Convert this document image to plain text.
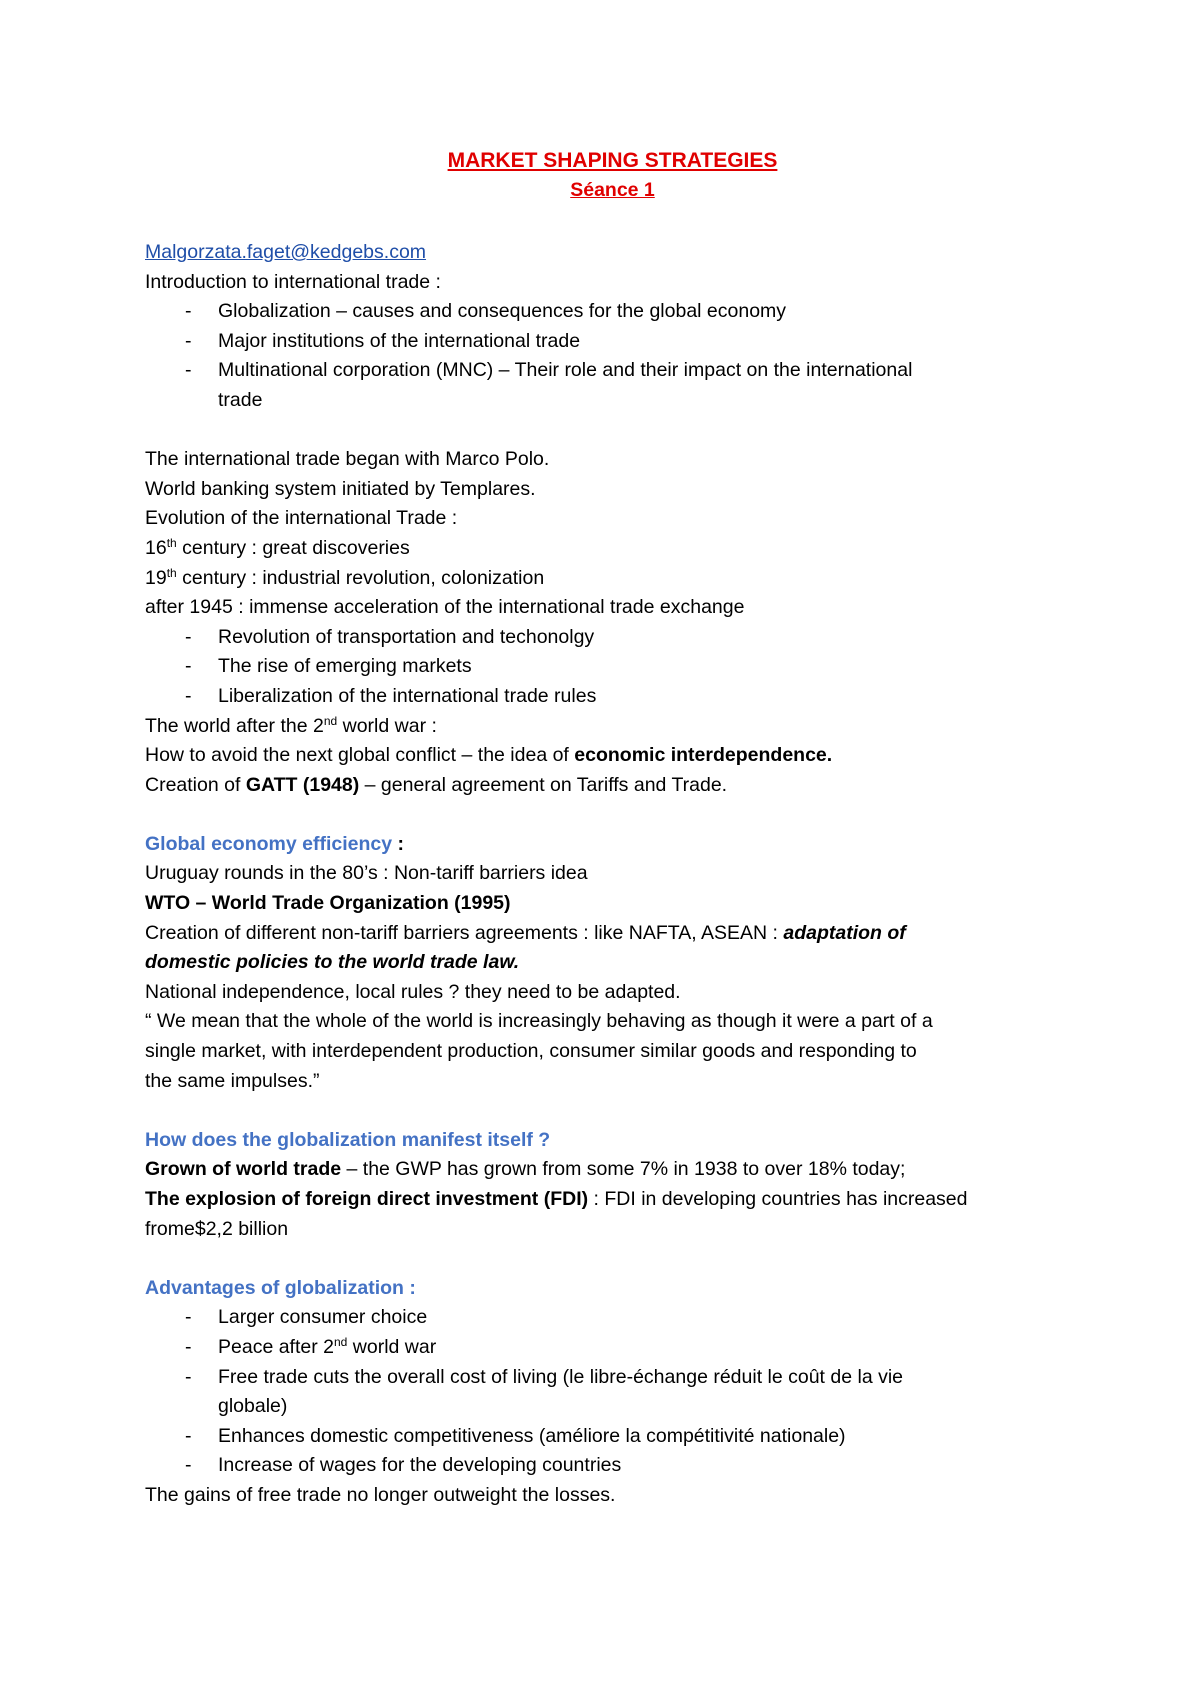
MARKET SHAPING STRATEGIES
Séance 1
Malgorzata.faget@kedgebs.com
Introduction to international trade :
- Globalization – causes and consequences for the global economy
- Major institutions of the international trade
- Multinational corporation (MNC) – Their role and their impact on the international
trade
The international trade began with Marco Polo.
World banking system initiated by Templares.
Evolution of the international Trade :
16th century : great discoveries
19th century : industrial revolution, colonization
after 1945 : immense acceleration of the international trade exchange
- Revolution of transportation and techonolgy
- The rise of emerging markets
- Liberalization of the international trade rules
The world after the 2nd world war :
How to avoid the next global conflict – the idea of economic interdependence.
Creation of GATT (1948) – general agreement on Tariffs and Trade.
Global economy efficiency :
Uruguay rounds in the 80’s : Non-tariff barriers idea
WTO – World Trade Organization (1995)
Creation of different non-tariff barriers agreements : like NAFTA, ASEAN : adaptation of
domestic policies to the world trade law.
National independence, local rules ? they need to be adapted.
“ We mean that the whole of the world is increasingly behaving as though it were a part of a
single market, with interdependent production, consumer similar goods and responding to
the same impulses.”
How does the globalization manifest itself ?
Grown of world trade – the GWP has grown from some 7% in 1938 to over 18% today;
The explosion of foreign direct investment (FDI) : FDI in developing countries has increased
frome$2,2 billion
Advantages of globalization :
- Larger consumer choice
- Peace after 2nd world war
- Free trade cuts the overall cost of living (le libre-échange réduit le coût de la vie
globale)
- Enhances domestic competitiveness (améliore la compétitivité nationale)
- Increase of wages for the developing countries
The gains of free trade no longer outweight the losses.
